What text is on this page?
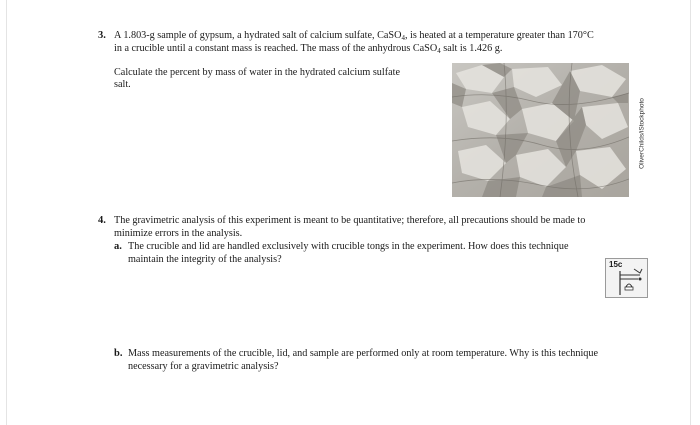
3. A 1.803-g sample of gypsum, a hydrated salt of calcium sulfate, CaSO$_4$, is heated at a temperature greater than 170°C
in a crucible until a constant mass is reached. The mass of the anhydrous CaSO$_4$ salt is 1.426 g.
Calculate the percent by mass of water in the hydrated calcium sulfate
salt.
OliverChilds/iStockphoto
4. The gravimetric analysis of this experiment is meant to be quantitative; therefore, all precautions should be made to
minimize errors in the analysis.
a. The crucible and lid are handled exclusively with crucible tongs in the experiment. How does this technique
maintain the integrity of the analysis?	15c
b. Mass measurements of the crucible, lid, and sample are performed only at room temperature. Why is this technique
necessary for a gravimetric analysis?
